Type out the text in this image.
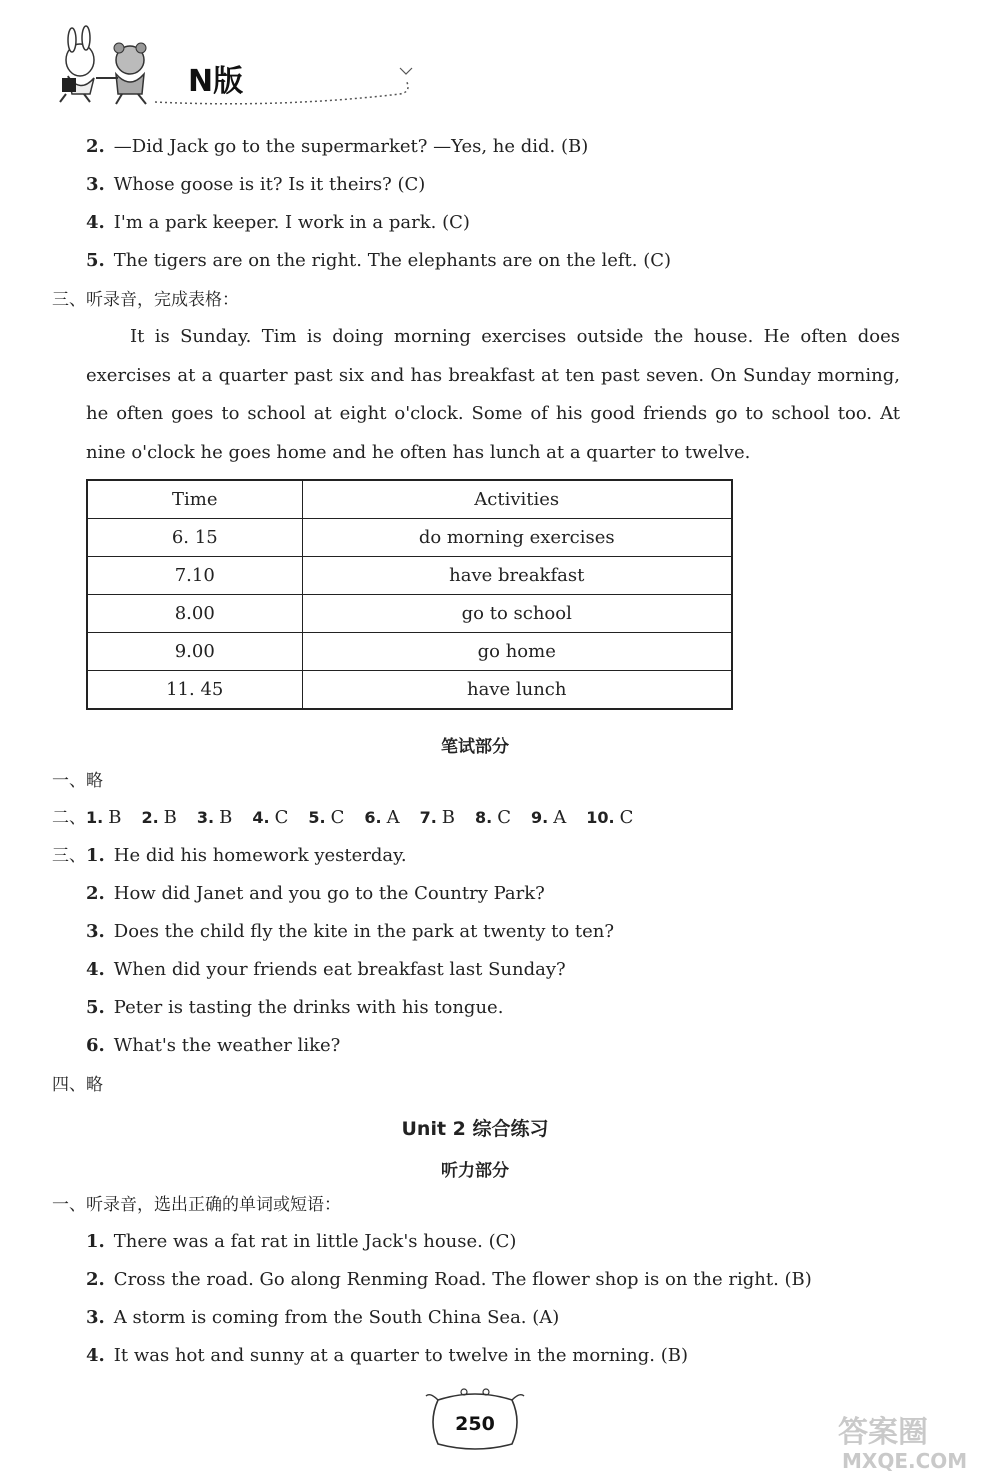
N版
2. —Did Jack go to the supermarket? —Yes, he did. (B)
3. Whose goose is it? Is it theirs? (C)
4. I'm a park keeper. I work in a park. (C)
5. The tigers are on the right. The elephants are on the left. (C)
三、听录音，完成表格：

It is Sunday. Tim is doing morning exercises outside the house. He often does exercises at a quarter past six and has breakfast at ten past seven. On Sunday morning, he often goes to school at eight o'clock. Some of his good friends go to school too. At nine o'clock he goes home and he often has lunch at a quarter to twelve.

Time	Activities
6. 15	do morning exercises
7.10	have breakfast
8.00	go to school
9.00	go home
11. 45	have lunch
笔试部分
一、略
二、1. B 2. B 3. B 4. C 5. C 6. A 7. B 8. C 9. A 10. C
三、1. He did his homework yesterday.
2. How did Janet and you go to the Country Park?
3. Does the child fly the kite in the park at twenty to ten?
4. When did your friends eat breakfast last Sunday?
5. Peter is tasting the drinks with his tongue.
6. What's the weather like?
四、略
Unit 2 综合练习
听力部分
一、听录音，选出正确的单词或短语：
1. There was a fat rat in little Jack's house. (C)
2. Cross the road. Go along Renming Road. The flower shop is on the right. (B)
3. A storm is coming from the South China Sea. (A)
4. It was hot and sunny at a quarter to twelve in the morning. (B)
250	答案圈
MXQE.COM
